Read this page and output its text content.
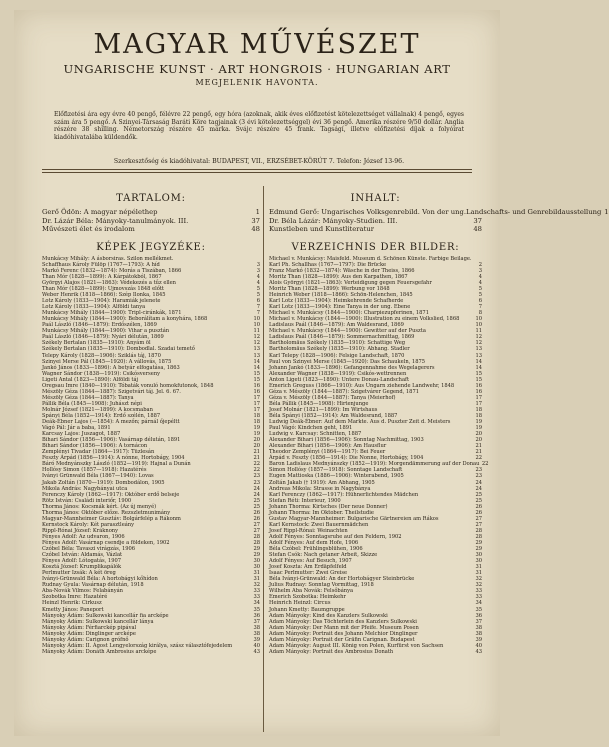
MAGYAR MŰVÉSZET
UNGARISCHE KUNST · ART HONGROIS · HUNGARIAN ART
MEGJELENIK HAVONTA.
Előfizetési ára egy évre 40 pengő, félévre 22 pengő, egy hóra (azoknak, akik éves előfizetést kötelezettséget vállalnak) 4 pengő, egyes szám ára 5 pengő. A Szinyei-Társaság Baráti Köre tagjainak (3 évi kötelezettséggel) évi 36 pengő. Amerika részére 9/50 dollár. Anglia részére 38 shilling. Németország részére 45 márka. Svájc részére 45 frank. Tagságí, illetve előfizetési díjak a folyóirat kiadóhivatalába küldendők.
Szerkesztőség és kiadóhivatal: BUDAPEST, VII., ERZSÉBET-KÖRÚT 7. Telefon: József 13-96.
TARTALOM:
Gerő Ödön: A magyar népélethep	1
Dr. Lázár Béla: Mányoky-tanulmányok. III.	37
Művészeti élet és irodalom	48
KÉPEK JEGYZÉKE:
Munkácsy Mihály: A ásborsiras. Szilon mellékmet.
Schaffhaus Károly Fülöp (1767—1793): A híd	3
Markó Ferenc (1832—1874): Morás a Tiszában, 1866	3
Than Mór (1828—1899): A Kárpátokból, 1867	4
Györgyi Alajos (1821—1863): Védekezés a tűz ellen	4
Than Mór (1828—1899): Ujmovszás 1848 előtt	5
Weber Henrik (1818—1866): Szép Ilonka, 1845	5
Lotz Károly (1833—1904): Haramiák jelenete	6
Lotz Károly (1833—1904): Alföldi tanya	7
Munkácsy Mihály (1844—1900): Tripl-ciránkák, 1871	7
Munkácsy Mihály (1844—1900): Beborálítam a konyhára, 1868	10
Paál László (1846—1879): Erdőszélen, 1869	10
Munkácsy Mihály (1844—1900): Vihar a pusztán	11
Paál László (1846—1879): Nyári délután, 1869	12
Székely Bertalan (1835—1910): Anyám öl	12
Székely Bertalan (1835—1910): Dombodlal. Szadai temető	13
Telepy Károly (1828—1906): Sziklás táj, 1870	13
Szinyei Merse Pál (1845—1920): A vállovás, 1875	14
Jankó János (1833—1896): A betyár elfogatása, 1863	14
Wagner Sándor (1838—1919): Csikósverseny	15
Ligeti Antal (1823—1890): Alföldi táj	15
Oregsau Imre (1840—1910): Tóbaták vonuló homokfutonok, 1848	16
Mészöly Géza (1844—1887): Szigetvári táj. Jel. 6. 67.	16
Mészöly Géza (1844—1887): Tanya	17
Pállik Béla (1845—1908): Juhászt népi	17
Molnár József (1821—1899): A kocsmaban	17
Spányi Béla (1852—1914): Erdő szélén, 1887	18
Deák-Ébner Lajos (—1854): A mezőn; párnál őjepéltt	18
Vágó Pál: Jár a baba, 1891	19
Karcsay Lajos: Juszagot, 1887	19
Bihari Sándor (1856—1906): Vasárnap délután, 1891	20
Bihari Sándor (1856—1906): A tornácon	20
Zemplényi Tivadar (1864—1917): Tüzlesán	21
Feszty Árpád (1856—1914): A nónne, Hortobágy, 1904	21
Báró Mednyánszky László (1852—1919): Hajnal a Dunán	22
Hollósy Simon (1857—1918): Hazatérés	22
Iványi Grünwald Béla (1867—1940): Lovas	23
Jakab Zoltán (1870—1919): Dombodálon, 1905	23
Mikola András: Nagybányai utca	24
Ferenczy Károly (1862—1917): Október erdő belseje	24
Rötz István: Családi interiőr, 1900	25
Thorma János: Kocsmák kért. (Az új menyé)	25
Thorma János: Október előze. Rezszletmunimány	26
Magyar-Mannheimer Gusztáv: Bolgárfelép a Rákonm	26
Kernstock Károly: Két parasztleány	27
Rippl-Rónai József: Kráknony	27
Fényes Adolf: Az udvaron, 1906	28
Fényes Adolf: Vasárnap csendje a földeken, 1902	28
Czóbel Béla: Tavaszi virágzás, 1906	29
Czóbel István: Aldamás, Vázlat	29
Fényes Adolf: Lótogatás, 1907	30
Kosztá József: Krumplikapálók	30
Perlmutter Izsák: A két öreg	31
Iványi-Grünwald Béla: A hortobágyi kőhídon	31
Rudnay Gyula: Vasárnap délután, 1918	32
Aba-Novák Vilmos: Felabányán	33
Szobotka Imre: Hazatéré	33
Heinzl Henrik: Cirkusz	34
Kmetty János: Paneport	35
Mányoky Ádám: Sulkowski kancellár fia arcképe	36
Mányoky Ádám: Sulkowski kancellár lánya	37
Mányoky Ádám: Férfiarckép pipával	38
Mányoky Ádám: Dinglinger arcképe	38
Mányoky Ádám: Carignon grófnő	39
Mányoky Ádám: II. Ágost Lengyelország királya, szász választófejedelem	40
Mányoky Ádám: Donáth Ambrosius arcképe	43
INHALT:
Edmund Gerő: Ungarisches Volksgenrebild. Von der ung.Landschafts- und Genrebildausstellung 1
Dr. Béla Lázár: Mányoky-Studien. III.	37
Kunstleben und Kunstliteratur	48
VERZEICHNIS DER BILDER:
Michael v. Munkácsy: Maisfeld. Museum d. Schönen Künste. Farbige Beilage.
Karl Ph. Schallhas (1767—1797): Die Brücke	2
Franz Markó (1832—1874): Wäsche in der Theiss, 1866	3
Moritz Than (1828—1899): Aus den Karpathen, 1867	4
Alois Györgyi (1821—1863): Verteidigung gegen Feuersgefahr	4
Moritz Than (1828—1899): Werbung vor 1848	5
Heinrich Weber (1818—1866): Schön-Helenchen, 1845	5
Karl Lotz (1833—1904): Heimkehrende Schafherde	6
Karl Lotz (1833—1904): Eine Tanya in der ung. Ebene	7
Michael v. Munkácsy (1844—1900): Charpiezupferinen, 1871	8
Michael v. Munkácsy (1844—1900): Illustration zu einem Volkslied, 1868	10
Ladislaus Paál (1846—1879): Am Waldesrand, 1869	10
Michael v. Munkácsy (1844—1900): Gewitter auf der Puszta	11
Ladislaus Paál (1846—1879): Sommernachmittag, 1869	12
Bartholomäus Székely (1835—1910): Schattige Weg	12
Bartholomäus Székely (1835—1910): Abhang. Stadler	13
Karl Telepy (1828—1906): Felsige Landschaft, 1870	13
Paul von Szinyei Merse (1845—1920): Das Schaukeln, 1875	14
Johann Jankó (1833—1896): Gefangennahme des Wegelagerers	14
Alexander Wagner (1838—1919): Csikós-wettrennen	15
Anton Ligeti (1823—1890): Untere Donau-Landschaft	15
Emerich Greguss (1866—1910): Aus Ungarn ziehende Landwehr, 1848	16
Géza v. Mészöly (1844—1887): Szigetvárer Gegend, 1871	16
Géza v. Mészöly (1844—1887): Tanya (Meierhof)	17
Béla Pállik (1845—1908): Hirtenjunge	17
Josef Molnár (1821—1899): Im Wirtshaus	18
Béla Spányi (1852—1914): Am Waldesrand, 1887	18
Ludwig Deák-Ébner: Auf dem Markte. Aus d. Puszter Zeit d. Meisters	19
Paul Vágó: Kindchen geht, 1891	19
Ludwig v. Karcsay: Schnitten, 1887	20
Alexander Bihari (1856—1906): Sonntag Nachmittag, 1903	20
Alexander Bihari (1856—1906): Am Hausflur	21
Theodor Zemplényi (1864—1917): Bei Feuer	21
Árpád v. Feszty (1856—1914): Die Nonne, Hortobágy, 1904	22
Baron Ladislaus Mednyánszky (1852—1919): Morgendämmerung auf der Donau 22
Simon Hollósy (1857—1918): Sonntage Landschaft	23
Eugen Mattioska (1886—1906): Winterabend, 1905	23
Zoltán Jakab († 1919): Am Abhang, 1905	24
Andreas Mikola: Strasse in Nagybánya	24
Karl Ferenczy (1862—1917): Hühnerlichtendes Mädchen	25
Stefan Réti: Interieur, 1900	25
Johann Thorma: Kirtsches (Der neue Donner)	26
Johann Thorma: Im Oktober. Theilstudie	26
Gustav Magyar-Mannheimer: Bulgarische Gärtnereien am Rákos	27
Karl Kernstock: Zwei Bauernmädchen	27
Josef Rippl-Rónai: Weinachten	28
Adolf Fényes: Sonntagsruhe auf den Feldern, 1902	28
Adolf Fényes: Auf dem Hofe, 1906	29
Béla Czóbel: Frühlingsblühen, 1906	29
Stefan Csók: Nach getaner Arbeit, Skizze	30
Adolf Fényes: Auf Besuch, 1907	30
Josef Koszta: Am Erdäpfelfeld	31
Isaac Perlmutter: Zwei Greise	31
Béla Iványi-Grünwald: An der Hortobágyer Steinbrücke	32
Julius Rudnay: Sonntag Vormittag, 1918	32
Wilhelm Aba Novák: Felsőbánya	33
Emerich Szobotka: Heimkehr	33
Heinrich Heinzl: Circus	34
Johann Kmetty: Baumgruppe	35
Adam Mányoky: Kind des Kanzlers Sulkowski	36
Adam Mányoky: Das Töchterlein des Kanzlers Sulkowski	37
Adam Mányoky: Der Mann mit der Pfeife. Museum Posen	38
Adam Mányoky: Portrait des Johann Melchior Dinglinger	38
Adam Mányoky: Portrait der Gräfin Carignan. Budapest	39
Adam Mányoky: August III. König von Polen, Kurfürst von Sachsen	40
Adam Mányoky: Portrait des Ambrosius Donath	43
